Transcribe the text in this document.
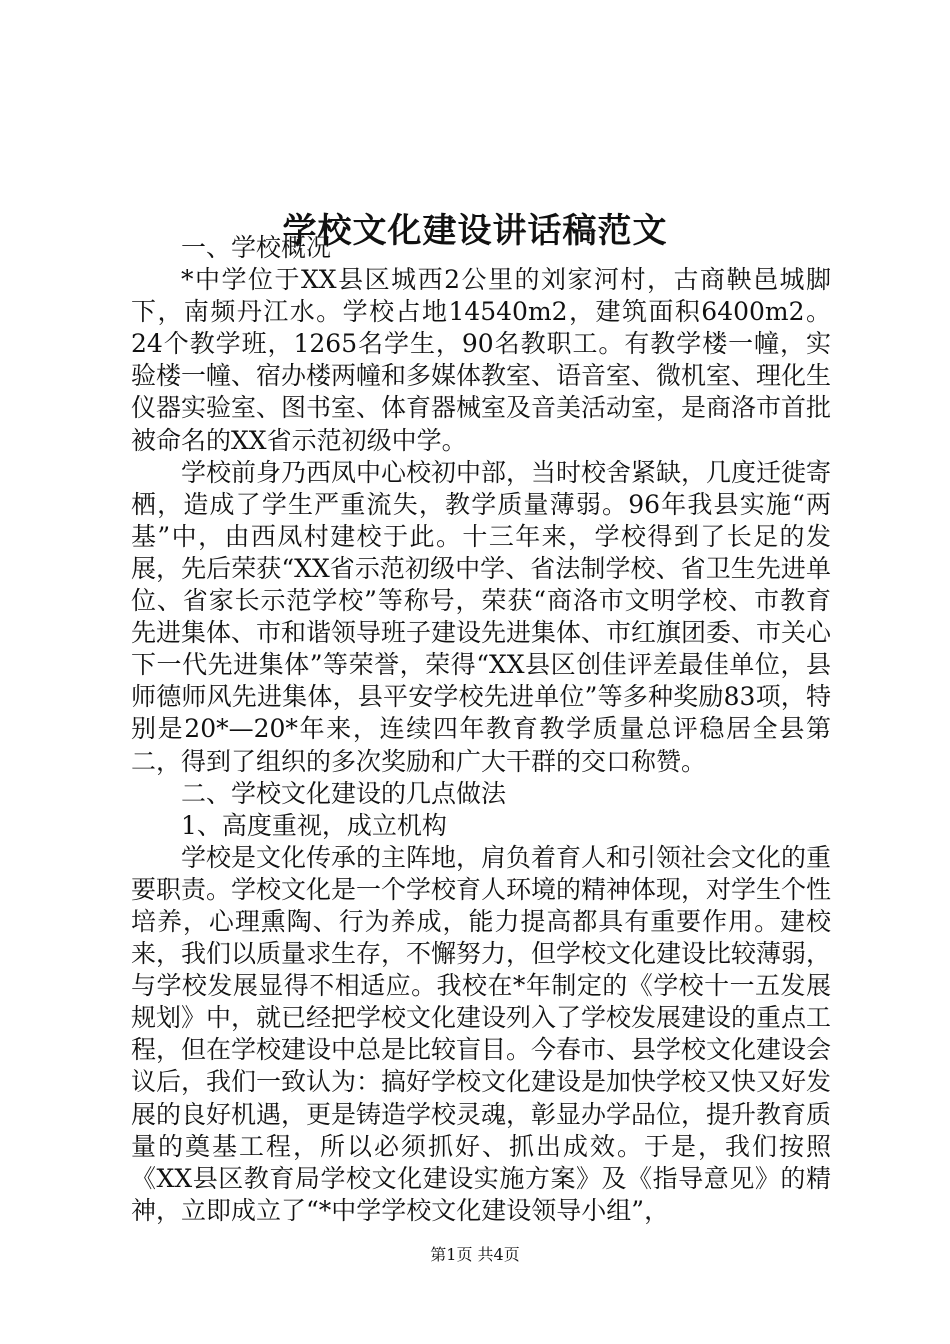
学校文化建设讲话稿范文

一、学校概况

*中学位于XX县区城西2公里的刘家河村，古商鞅邑城脚下，南频丹江水。学校占地14540m2，建筑面积6400m2。24个教学班，1265名学生，90名教职工。有教学楼一幢，实验楼一幢、宿办楼两幢和多媒体教室、语音室、微机室、理化生仪器实验室、图书室、体育器械室及音美活动室，是商洛市首批被命名的XX省示范初级中学。

学校前身乃西凤中心校初中部，当时校舍紧缺，几度迁徙寄栖，造成了学生严重流失，教学质量薄弱。96年我县实施“两基”中，由西凤村建校于此。十三年来，学校得到了长足的发展，先后荣获“XX省示范初级中学、省法制学校、省卫生先进单位、省家长示范学校”等称号，荣获“商洛市文明学校、市教育先进集体、市和谐领导班子建设先进集体、市红旗团委、市关心下一代先进集体”等荣誉，荣得“XX县区创佳评差最佳单位，县师德师风先进集体，县平安学校先进单位”等多种奖励83项，特别是20*—20*年来，连续四年教育教学质量总评稳居全县第二，得到了组织的多次奖励和广大干群的交口称赞。

二、学校文化建设的几点做法

1、高度重视，成立机构

学校是文化传承的主阵地，肩负着育人和引领社会文化的重要职责。学校文化是一个学校育人环境的精神体现，对学生个性培养，心理熏陶、行为养成，能力提高都具有重要作用。建校来，我们以质量求生存，不懈努力，但学校文化建设比较薄弱，与学校发展显得不相适应。我校在*年制定的《学校十一五发展规划》中，就已经把学校文化建设列入了学校发展建设的重点工程，但在学校建设中总是比较盲目。今春市、县学校文化建设会议后，我们一致认为：搞好学校文化建设是加快学校又快又好发展的良好机遇，更是铸造学校灵魂，彰显办学品位，提升教育质量的奠基工程，所以必须抓好、抓出成效。于是，我们按照《XX县区教育局学校文化建设实施方案》及《指导意见》的精神，立即成立了“*中学学校文化建设领导小组”，

第1页 共4页
